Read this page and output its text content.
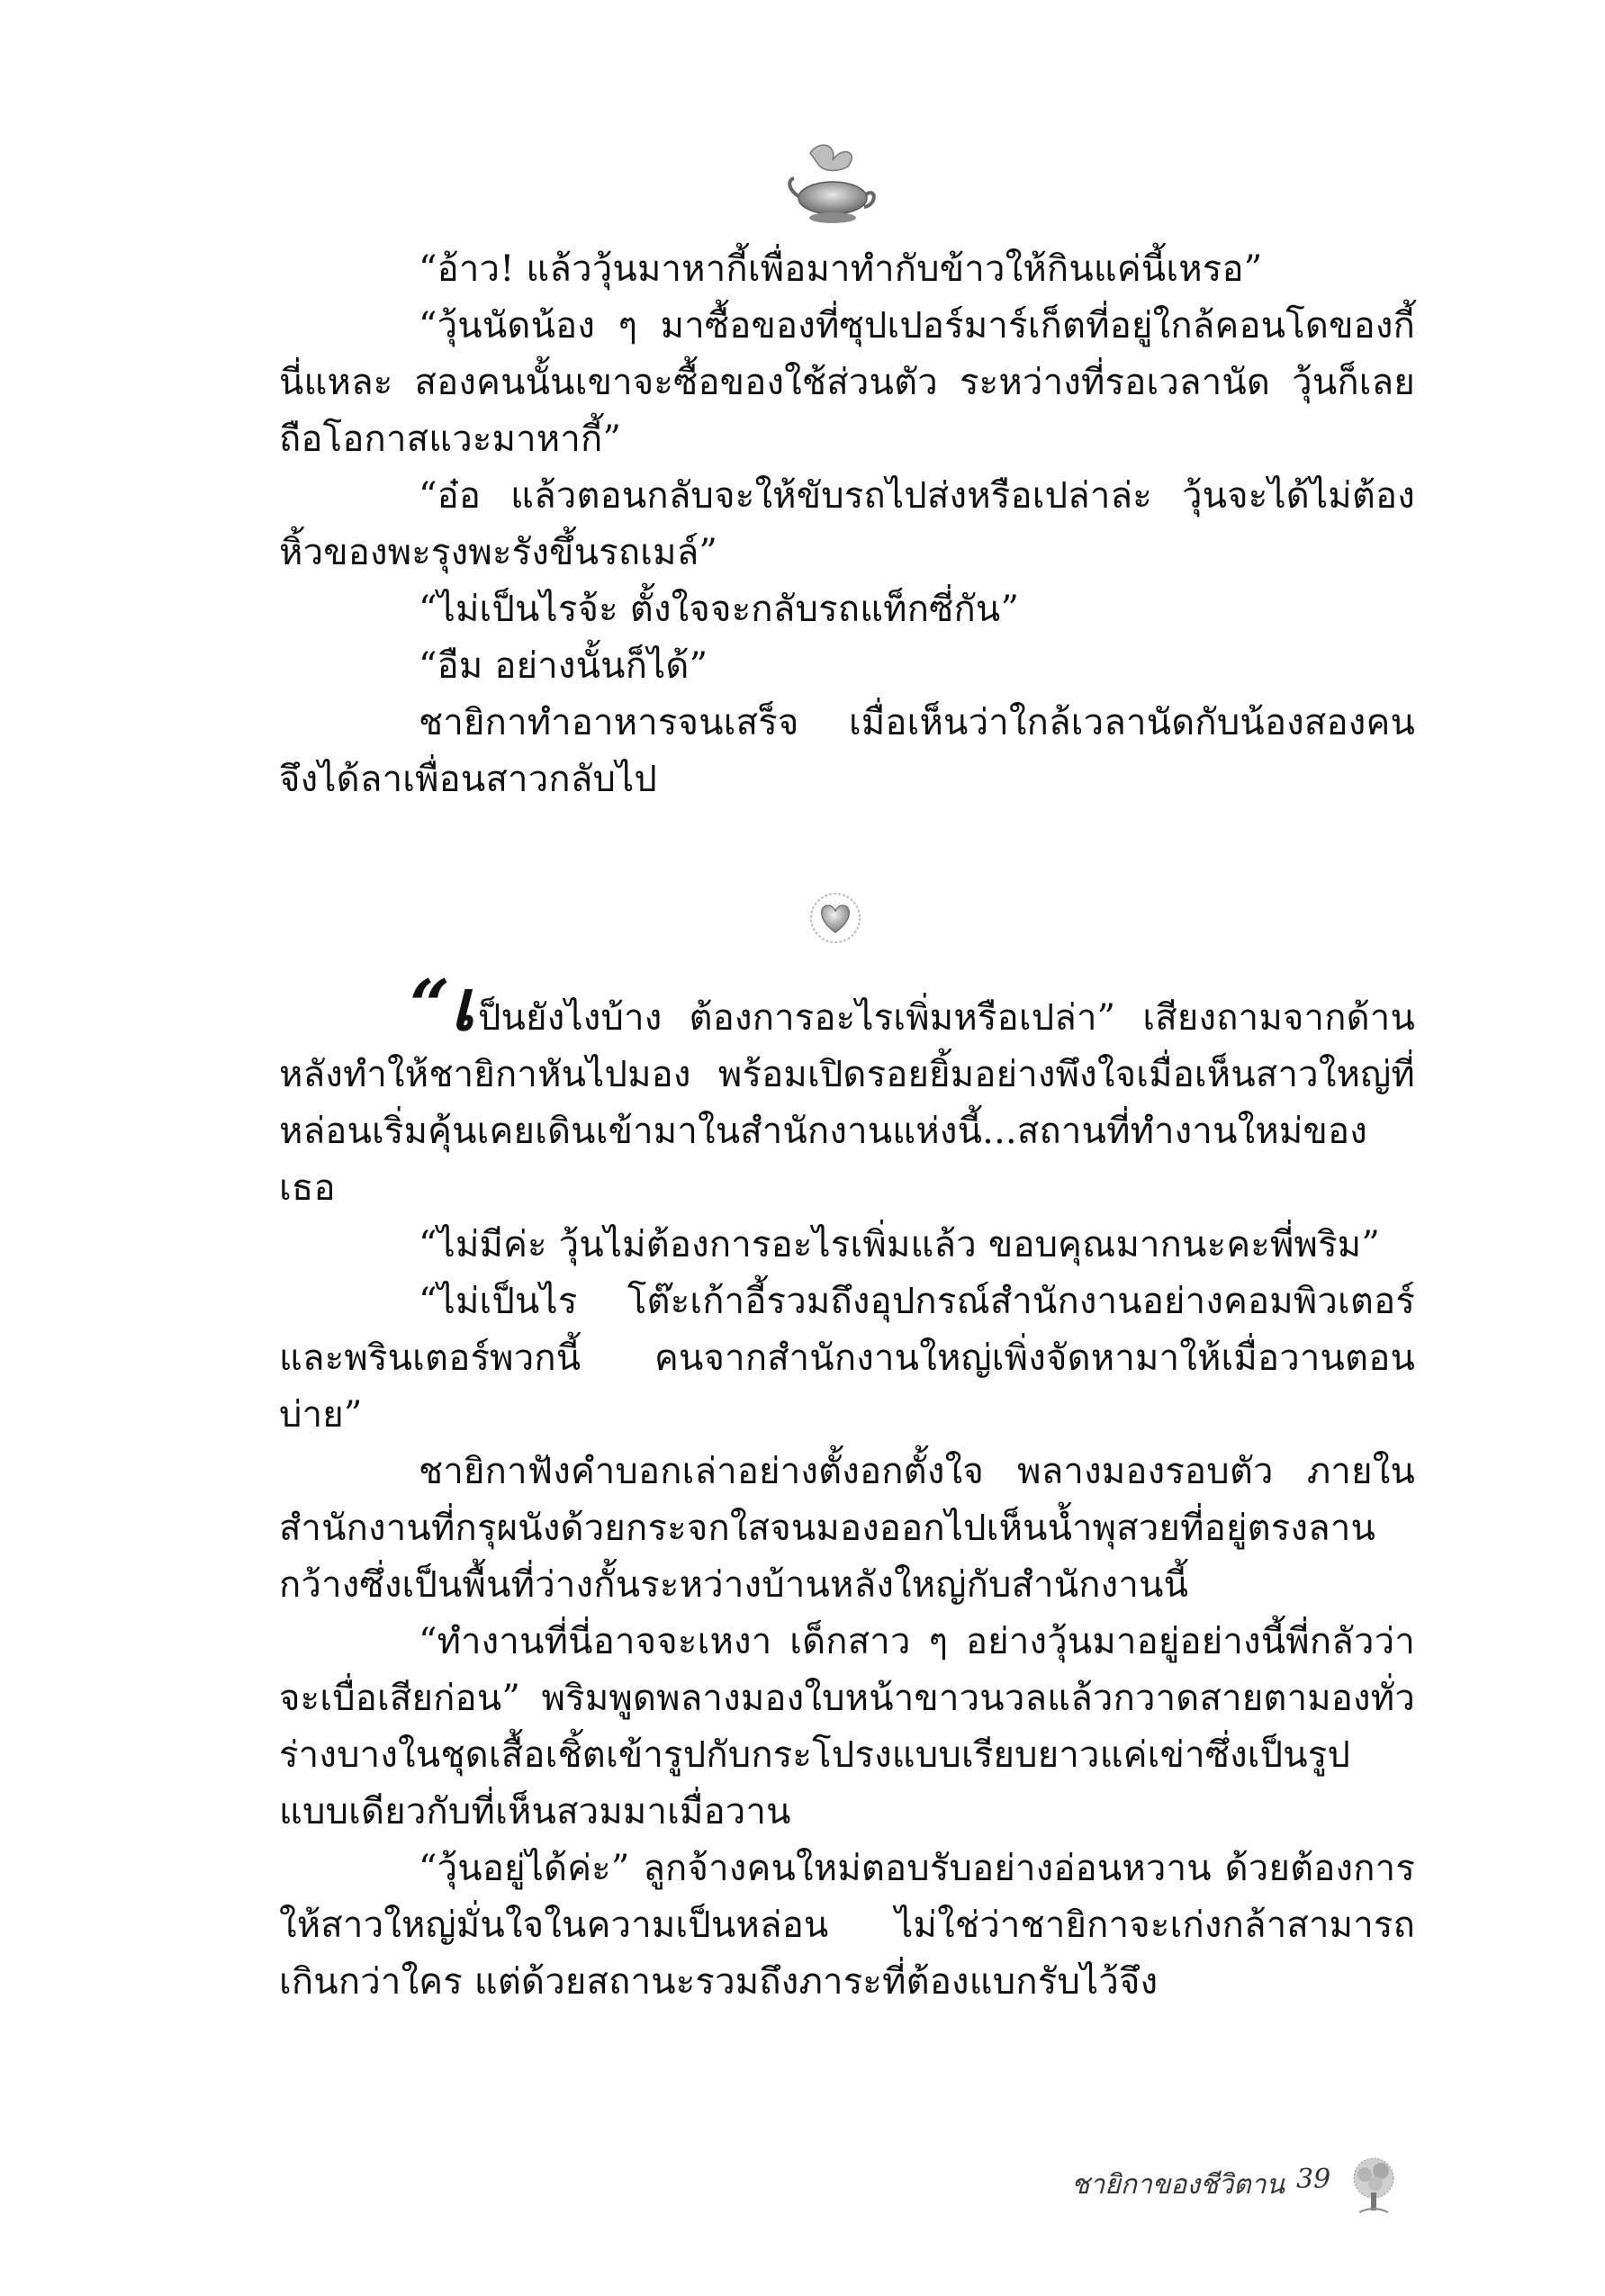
“อ้าว! แล้ววุ้นมาหากี้เพื่อมาทำกับข้าวให้กินแค่นี้เหรอ”

“วุ้นนัดน้อง ๆ มาซื้อของที่ซุปเปอร์มาร์เก็ตที่อยู่ใกล้คอนโดของกี้นี่แหละ สองคนนั้นเขาจะซื้อของใช้ส่วนตัว ระหว่างที่รอเวลานัด วุ้นก็เลยถือโอกาสแวะมาหากี้”

“อ๋อ แล้วตอนกลับจะให้ขับรถไปส่งหรือเปล่าล่ะ วุ้นจะได้ไม่ต้องหิ้วของพะรุงพะรังขึ้นรถเมล์”

“ไม่เป็นไรจ้ะ ตั้งใจจะกลับรถแท็กซี่กัน”

“อืม อย่างนั้นก็ได้”

ชายิกาทำอาหารจนเสร็จ เมื่อเห็นว่าใกล้เวลานัดกับน้องสองคนจึงได้ลาเพื่อนสาวกลับไป

“เ ป็นยังไงบ้าง ต้องการอะไรเพิ่มหรือเปล่า” เสียงถามจากด้านหลังทำให้ชายิกาหันไปมอง พร้อมเปิดรอยยิ้มอย่างพึงใจเมื่อเห็นสาวใหญ่ที่หล่อนเริ่มคุ้นเคยเดินเข้ามาในสำนักงานแห่งนี้...สถานที่ทำงานใหม่ของเธอ

“ไม่มีค่ะ วุ้นไม่ต้องการอะไรเพิ่มแล้ว ขอบคุณมากนะคะพี่พริม”

“ไม่เป็นไร โต๊ะเก้าอี้รวมถึงอุปกรณ์สำนักงานอย่างคอมพิวเตอร์และพรินเตอร์พวกนี้ คนจากสำนักงานใหญ่เพิ่งจัดหามาให้เมื่อวานตอนบ่าย”

ชายิกาฟังคำบอกเล่าอย่างตั้งอกตั้งใจ พลางมองรอบตัว ภายในสำนักงานที่กรุผนังด้วยกระจกใสจนมองออกไปเห็นน้ำพุสวยที่อยู่ตรงลานกว้างซึ่งเป็นพื้นที่ว่างกั้นระหว่างบ้านหลังใหญ่กับสำนักงานนี้

“ทำงานที่นี่อาจจะเหงา เด็กสาว ๆ อย่างวุ้นมาอยู่อย่างนี้พี่กลัวว่าจะเบื่อเสียก่อน” พริมพูดพลางมองใบหน้าขาวนวลแล้วกวาดสายตามองทั่วร่างบางในชุดเสื้อเชิ้ตเข้ารูปกับกระโปรงแบบเรียบยาวแค่เข่าซึ่งเป็นรูปแบบเดียวกับที่เห็นสวมมาเมื่อวาน

“วุ้นอยู่ได้ค่ะ” ลูกจ้างคนใหม่ตอบรับอย่างอ่อนหวาน ด้วยต้องการให้สาวใหญ่มั่นใจในความเป็นหล่อน ไม่ใช่ว่าชายิกาจะเก่งกล้าสามารถเกินกว่าใคร แต่ด้วยสถานะรวมถึงภาระที่ต้องแบกรับไว้จึง

ชายิกาของชีวิตาน 39
